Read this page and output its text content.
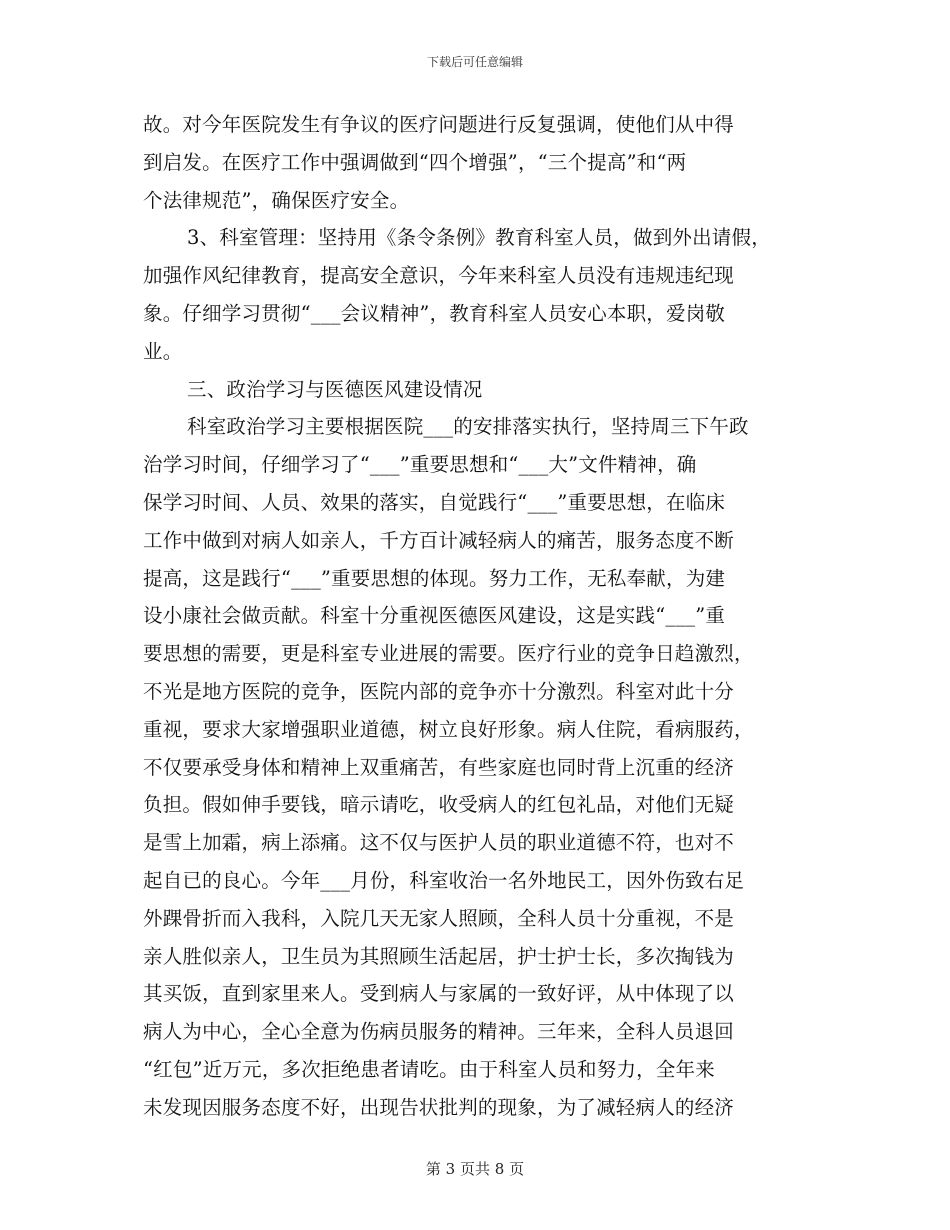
下载后可任意编辑
故。对今年医院发生有争议的医疗问题进行反复强调，使他们从中得
到启发。在医疗工作中强调做到“四个增强”，“三个提高”和“两
个法律规范”，确保医疗安全。
3、科室管理：坚持用《条令条例》教育科室人员，做到外出请假，
加强作风纪律教育，提高安全意识，今年来科室人员没有违规违纪现
象。仔细学习贯彻“___会议精神”，教育科室人员安心本职，爱岗敬
业。
三、政治学习与医德医风建设情况
科室政治学习主要根据医院___的安排落实执行，坚持周三下午政
治学习时间，仔细学习了“___”重要思想和“___大”文件精神，确
保学习时间、人员、效果的落实，自觉践行“___”重要思想，在临床
工作中做到对病人如亲人，千方百计减轻病人的痛苦，服务态度不断
提高，这是践行“___”重要思想的体现。努力工作，无私奉献，为建
设小康社会做贡献。科室十分重视医德医风建设，这是实践“___”重
要思想的需要，更是科室专业进展的需要。医疗行业的竞争日趋激烈，
不光是地方医院的竞争，医院内部的竞争亦十分激烈。科室对此十分
重视，要求大家增强职业道德，树立良好形象。病人住院，看病服药，
不仅要承受身体和精神上双重痛苦，有些家庭也同时背上沉重的经济
负担。假如伸手要钱，暗示请吃，收受病人的红包礼品，对他们无疑
是雪上加霜，病上添痛。这不仅与医护人员的职业道德不符，也对不
起自已的良心。今年___月份，科室收治一名外地民工，因外伤致右足
外踝骨折而入我科，入院几天无家人照顾，全科人员十分重视，不是
亲人胜似亲人，卫生员为其照顾生活起居，护士护士长，多次掏钱为
其买饭，直到家里来人。受到病人与家属的一致好评，从中体现了以
病人为中心，全心全意为伤病员服务的精神。三年来，全科人员退回
“红包”近万元，多次拒绝患者请吃。由于科室人员和努力，全年来
未发现因服务态度不好，出现告状批判的现象，为了减轻病人的经济
第 3 页共 8 页
